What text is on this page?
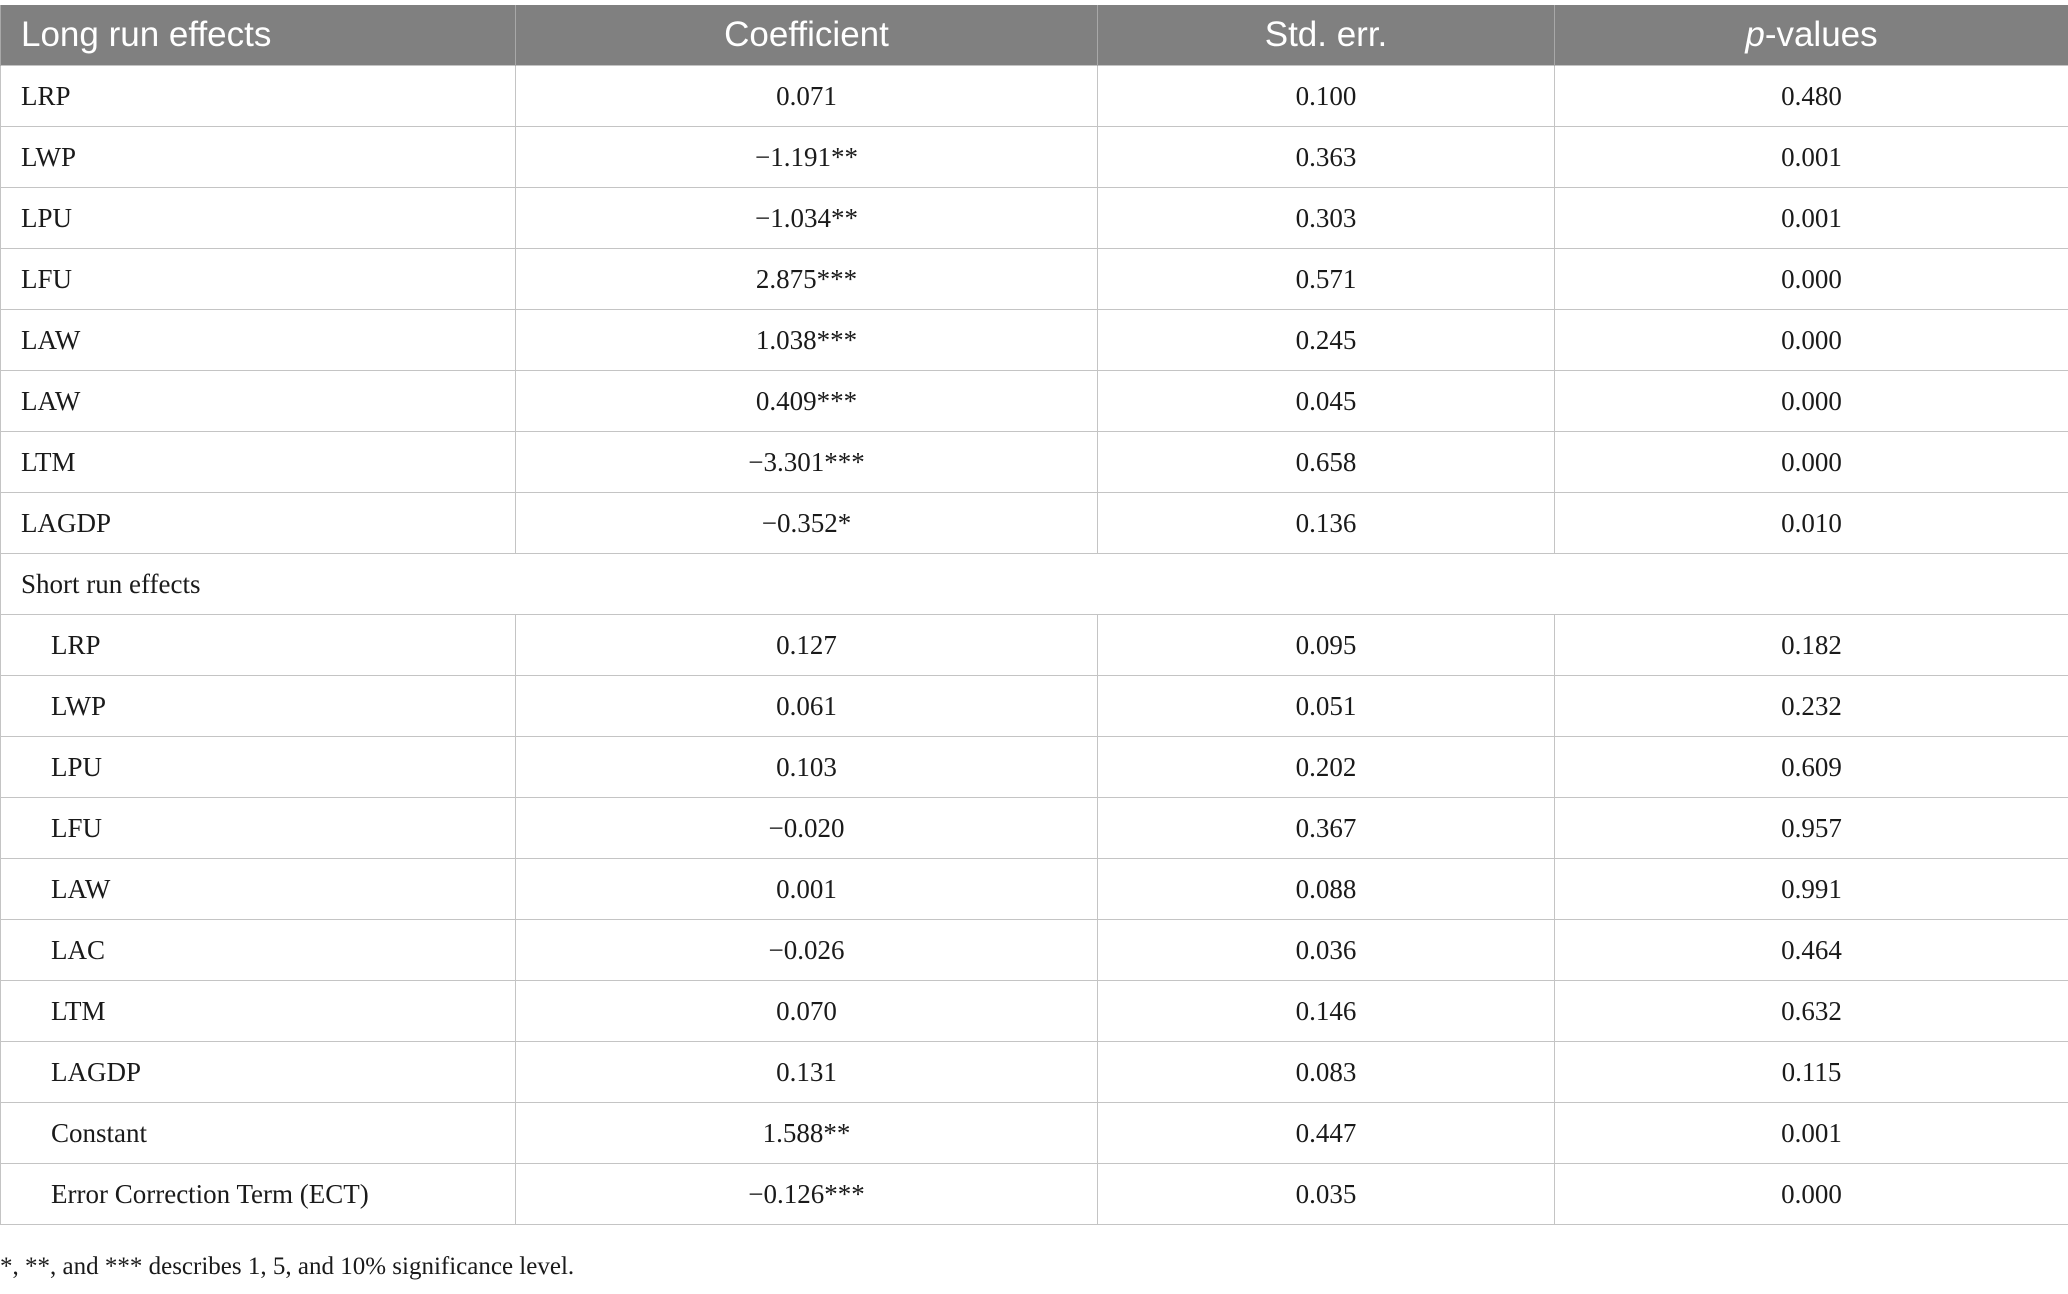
Long run effects	Coefficient	Std. err.	p-values
LRP	0.071	0.100	0.480
LWP	−1.191**	0.363	0.001
LPU	−1.034**	0.303	0.001
LFU	2.875***	0.571	0.000
LAW	1.038***	0.245	0.000
LAW	0.409***	0.045	0.000
LTM	−3.301***	0.658	0.000
LAGDP	−0.352*	0.136	0.010
Short run effects			
LRP	0.127	0.095	0.182
LWP	0.061	0.051	0.232
LPU	0.103	0.202	0.609
LFU	−0.020	0.367	0.957
LAW	0.001	0.088	0.991
LAC	−0.026	0.036	0.464
LTM	0.070	0.146	0.632
LAGDP	0.131	0.083	0.115
Constant	1.588**	0.447	0.001
Error Correction Term (ECT)	−0.126***	0.035	0.000
*, **, and *** describes 1, 5, and 10% significance level.
